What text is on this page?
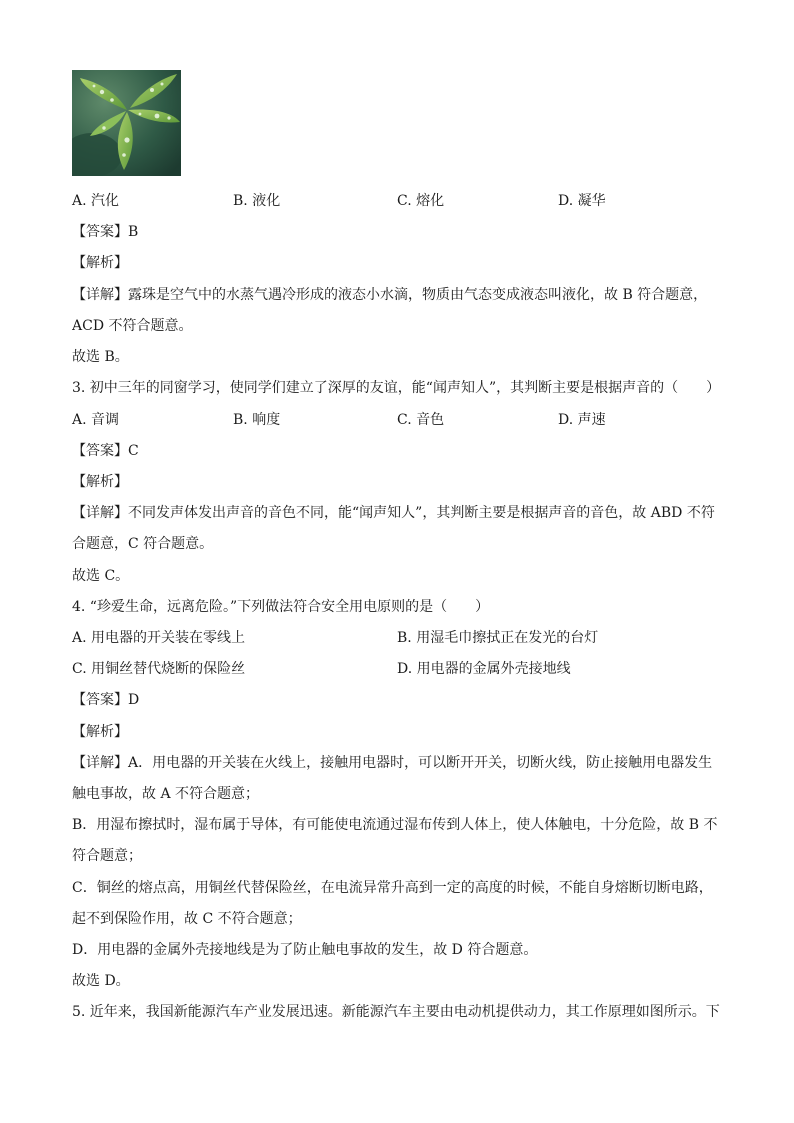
A. 汽化	B. 液化	C. 熔化	D. 凝华
【答案】B
【解析】
【详解】露珠是空气中的水蒸气遇冷形成的液态小水滴，物质由气态变成液态叫液化，故 B 符合题意，
ACD 不符合题意。
故选 B。
3. 初中三年的同窗学习，使同学们建立了深厚的友谊，能“闻声知人”，其判断主要是根据声音的（　　）
A. 音调	B. 响度	C. 音色	D. 声速
【答案】C
【解析】
【详解】不同发声体发出声音的音色不同，能“闻声知人”，其判断主要是根据声音的音色，故 ABD 不符
合题意，C 符合题意。
故选 C。
4. “珍爱生命，远离危险。”下列做法符合安全用电原则的是（　　）
A. 用电器的开关装在零线上	B. 用湿毛巾擦拭正在发光的台灯
C. 用铜丝替代烧断的保险丝	D. 用电器的金属外壳接地线
【答案】D
【解析】
【详解】A．用电器的开关装在火线上，接触用电器时，可以断开开关，切断火线，防止接触用电器发生
触电事故，故 A 不符合题意；
B．用湿布擦拭时，湿布属于导体，有可能使电流通过湿布传到人体上，使人体触电，十分危险，故 B 不
符合题意；
C．铜丝的熔点高，用铜丝代替保险丝，在电流异常升高到一定的高度的时候，不能自身熔断切断电路，
起不到保险作用，故 C 不符合题意；
D．用电器的金属外壳接地线是为了防止触电事故的发生，故 D 符合题意。
故选 D。
5. 近年来，我国新能源汽车产业发展迅速。新能源汽车主要由电动机提供动力，其工作原理如图所示。下
